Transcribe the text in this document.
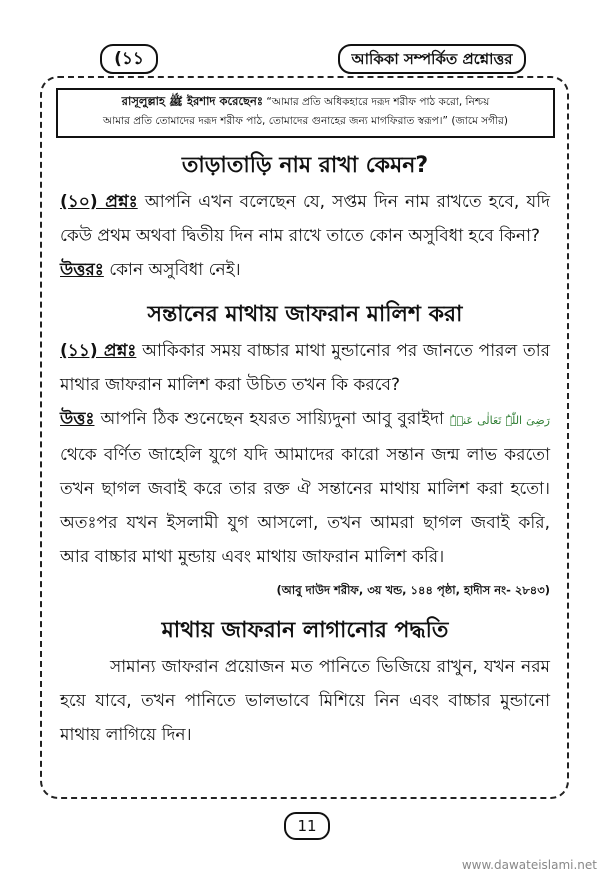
(১১	আকিকা সম্পর্কিত প্রশ্নোত্তর
রাসূলুল্লাহ ﷺ ইরশাদ করেছেনঃ “আমার প্রতি অধিকহারে দরূদ শরীফ পাঠ করো, নিশ্চয়
আমার প্রতি তোমাদের দরূদ শরীফ পাঠ, তোমাদের গুনাহের জন্য মাগফিরাত স্বরূপ।” (জামে সগীর)
তাড়াতাড়ি নাম রাখা কেমন?

(১০) প্রশ্নঃ আপনি এখন বলেছেন যে, সপ্তম দিন নাম রাখতে হবে, যদি কেউ প্রথম অথবা দ্বিতীয় দিন নাম রাখে তাতে কোন অসুবিধা হবে কিনা?

উত্তরঃ কোন অসুবিধা নেই।

সন্তানের মাথায় জাফরান মালিশ করা

(১১) প্রশ্নঃ আকিকার সময় বাচ্চার মাথা মুন্ডানোর পর জানতে পারল তার মাথার জাফরান মালিশ করা উচিত তখন কি করবে?

উত্তঃ আপনি ঠিক শুনেছেন হযরত সায়্যিদুনা আবু বুরাইদা رَضِیَ اللّٰہُ تَعَالٰی عَنۡہُ থেকে বর্ণিত জাহেলি যুগে যদি আমাদের কারো সন্তান জন্ম লাভ করতো তখন ছাগল জবাই করে তার রক্ত ঐ সন্তানের মাথায় মালিশ করা হতো। অতঃপর যখন ইসলামী যুগ আসলো, তখন আমরা ছাগল জবাই করি, আর বাচ্চার মাথা মুন্ডায় এবং মাথায় জাফরান মালিশ করি।

(আবু দাউদ শরীফ, ৩য় খন্ড, ১৪৪ পৃষ্ঠা, হাদীস নং- ২৮৪৩)
মাথায় জাফরান লাগানোর পদ্ধতি

সামান্য জাফরান প্রয়োজন মত পানিতে ভিজিয়ে রাখুন, যখন নরম হয়ে যাবে, তখন পানিতে ভালভাবে মিশিয়ে নিন এবং বাচ্চার মুন্ডানো মাথায় লাগিয়ে দিন।

11
www.dawateislami.net
